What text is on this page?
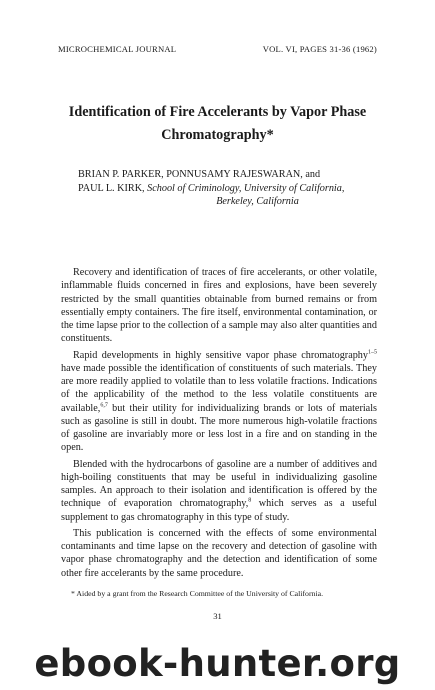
MICROCHEMICAL JOURNAL	VOL. VI, PAGES 31-36 (1962)
Identification of Fire Accelerants by Vapor Phase
Chromatography*
BRIAN P. PARKER, PONNUSAMY RAJESWARAN, and
PAUL L. KIRK, School of Criminology, University of California,
Berkeley, California

Recovery and identification of traces of fire accelerants, or other volatile, inflammable fluids concerned in fires and explosions, have been severely restricted by the small quantities obtainable from burned remains or from essentially empty containers. The fire itself, environmental contamination, or the time lapse prior to the collection of a sample may also alter quantities and constituents.

Rapid developments in highly sensitive vapor phase chromatography$^{1-5}$ have made possible the identification of constituents of such materials. They are more readily applied to volatile than to less volatile fractions. Indications of the applicability of the method to the less volatile constituents are available,$^{6,7}$ but their utility for individualizing brands or lots of materials such as gasoline is still in doubt. The more numerous high-volatile fractions of gasoline are invariably more or less lost in a fire and on standing in the open.

Blended with the hydrocarbons of gasoline are a number of additives and high-boiling constituents that may be useful in individualizing gasoline samples. An approach to their isolation and identification is offered by the technique of evaporation chromatography,$^8$ which serves as a useful supplement to gas chromatography in this type of study.

This publication is concerned with the effects of some environmental contaminants and time lapse on the recovery and detection of gasoline with vapor phase chromatography and the detection and identification of some other fire accelerants by the same procedure.

* Aided by a grant from the Research Committee of the University of California.
31
ebook-hunter.org
